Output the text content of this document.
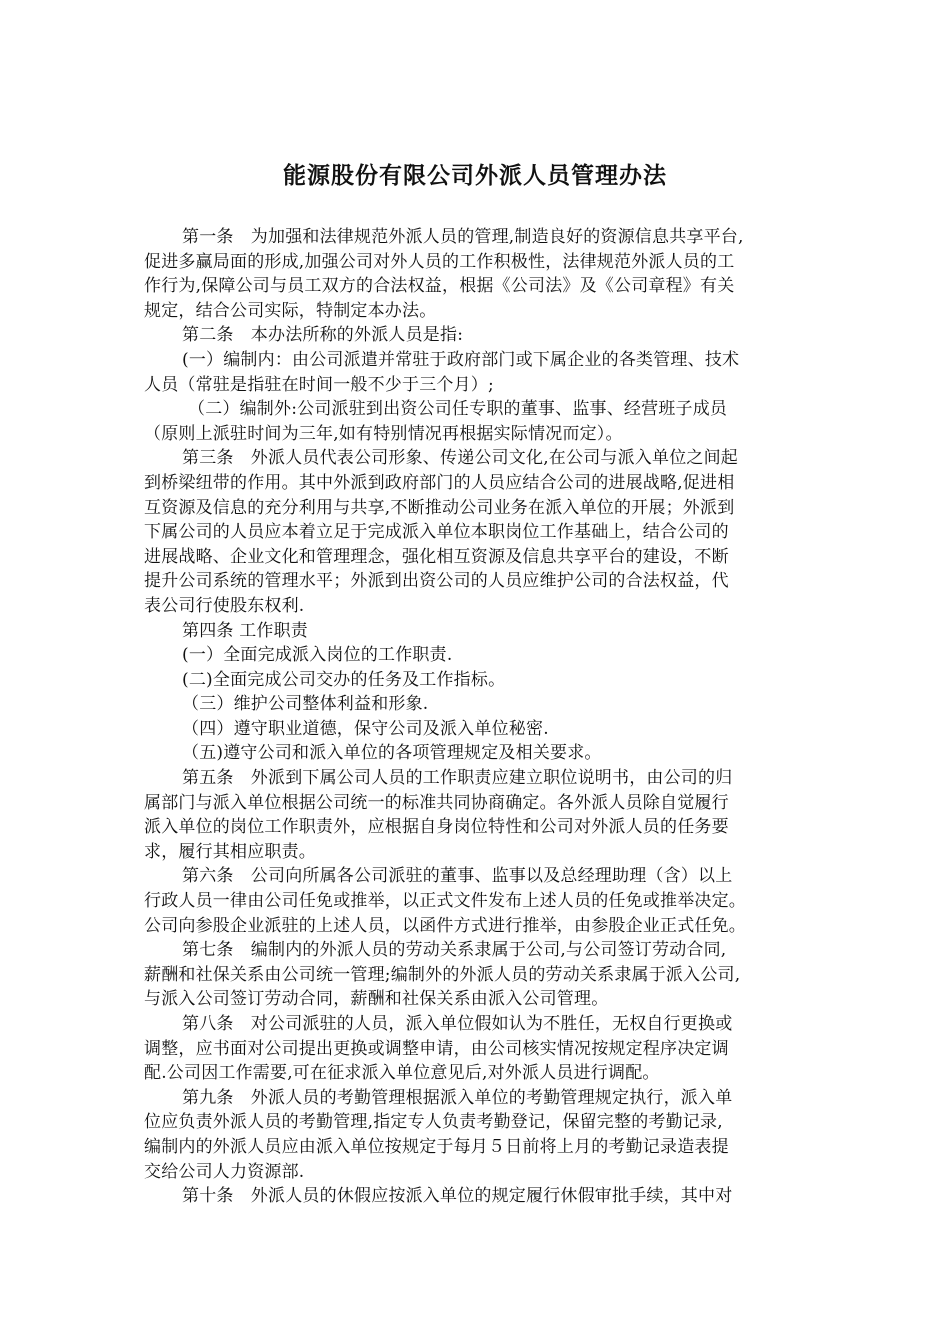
能源股份有限公司外派人员管理办法
第一条　为加强和法律规范外派人员的管理,制造良好的资源信息共享平台,
促进多赢局面的形成,加强公司对外人员的工作积极性，法律规范外派人员的工
作行为,保障公司与员工双方的合法权益，根据《公司法》及《公司章程》有关
规定，结合公司实际，特制定本办法。
第二条　本办法所称的外派人员是指:
(一）编制内：由公司派遣并常驻于政府部门或下属企业的各类管理、技术
人员（常驻是指驻在时间一般不少于三个月）;
（二）编制外:公司派驻到出资公司任专职的董事、监事、经营班子成员
（原则上派驻时间为三年,如有特别情况再根据实际情况而定）。
第三条　外派人员代表公司形象、传递公司文化,在公司与派入单位之间起
到桥梁纽带的作用。其中外派到政府部门的人员应结合公司的进展战略,促进相
互资源及信息的充分利用与共享,不断推动公司业务在派入单位的开展；外派到
下属公司的人员应本着立足于完成派入单位本职岗位工作基础上，结合公司的
进展战略、企业文化和管理理念，强化相互资源及信息共享平台的建设，不断
提升公司系统的管理水平；外派到出资公司的人员应维护公司的合法权益，代
表公司行使股东权利.
第四条 工作职责
(一）全面完成派入岗位的工作职责.
(二)全面完成公司交办的任务及工作指标。
（三）维护公司整体利益和形象.
（四）遵守职业道德，保守公司及派入单位秘密.
（五)遵守公司和派入单位的各项管理规定及相关要求。
第五条　外派到下属公司人员的工作职责应建立职位说明书，由公司的归
属部门与派入单位根据公司统一的标准共同协商确定。各外派人员除自觉履行
派入单位的岗位工作职责外，应根据自身岗位特性和公司对外派人员的任务要
求，履行其相应职责。
第六条　公司向所属各公司派驻的董事、监事以及总经理助理（含）以上
行政人员一律由公司任免或推举，以正式文件发布上述人员的任免或推举决定。
公司向参股企业派驻的上述人员，以函件方式进行推举，由参股企业正式任免。
第七条　编制内的外派人员的劳动关系隶属于公司,与公司签订劳动合同,
薪酬和社保关系由公司统一管理;编制外的外派人员的劳动关系隶属于派入公司,
与派入公司签订劳动合同，薪酬和社保关系由派入公司管理。
第八条　对公司派驻的人员，派入单位假如认为不胜任，无权自行更换或
调整，应书面对公司提出更换或调整申请，由公司核实情况按规定程序决定调
配.公司因工作需要,可在征求派入单位意见后,对外派人员进行调配。
第九条　外派人员的考勤管理根据派入单位的考勤管理规定执行，派入单
位应负责外派人员的考勤管理,指定专人负责考勤登记，保留完整的考勤记录,
编制内的外派人员应由派入单位按规定于每月５日前将上月的考勤记录造表提
交给公司人力资源部.
第十条　外派人员的休假应按派入单位的规定履行休假审批手续，其中对
